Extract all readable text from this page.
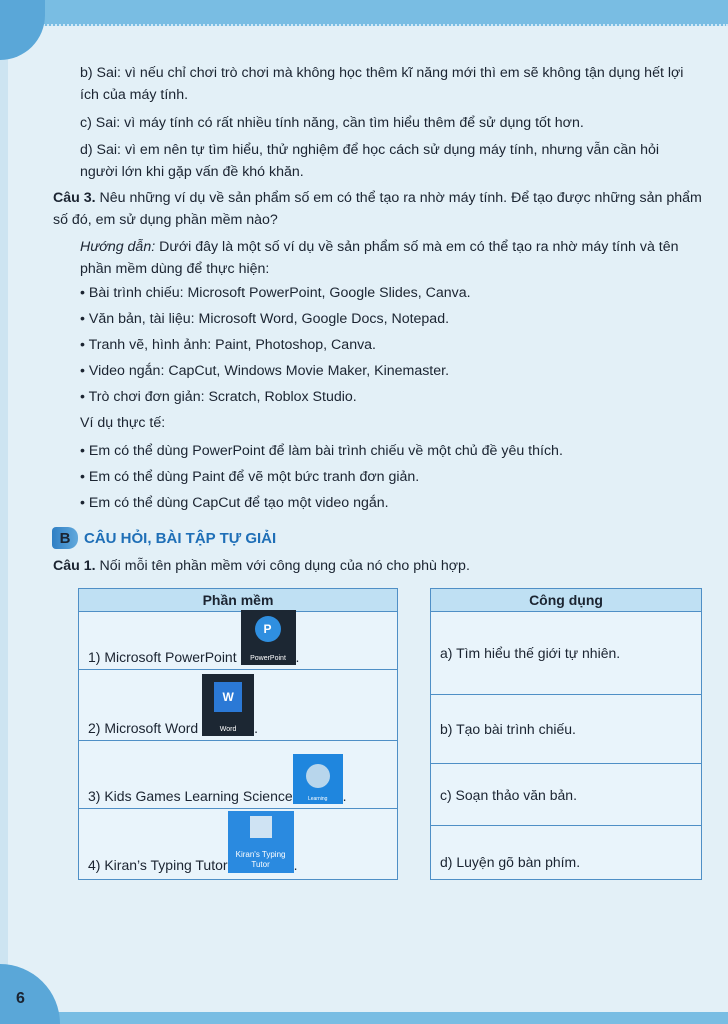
6

b) Sai: vì nếu chỉ chơi trò chơi mà không học thêm kĩ năng mới thì em sẽ không tận dụng hết lợi ích của máy tính.

c) Sai: vì máy tính có rất nhiều tính năng, cần tìm hiểu thêm để sử dụng tốt hơn.

d) Sai: vì em nên tự tìm hiểu, thử nghiệm để học cách sử dụng máy tính, nhưng vẫn cần hỏi người lớn khi gặp vấn đề khó khăn.

Câu 3. Nêu những ví dụ về sản phẩm số em có thể tạo ra nhờ máy tính. Để tạo được những sản phẩm số đó, em sử dụng phần mềm nào?

Hướng dẫn: Dưới đây là một số ví dụ về sản phẩm số mà em có thể tạo ra nhờ máy tính và tên phần mềm dùng để thực hiện:

• Bài trình chiếu: Microsoft PowerPoint, Google Slides, Canva.

• Văn bản, tài liệu: Microsoft Word, Google Docs, Notepad.

• Tranh vẽ, hình ảnh: Paint, Photoshop, Canva.

• Video ngắn: CapCut, Windows Movie Maker, Kinemaster.

• Trò chơi đơn giản: Scratch, Roblox Studio.

Ví dụ thực tế:

• Em có thể dùng PowerPoint để làm bài trình chiếu về một chủ đề yêu thích.

• Em có thể dùng Paint để vẽ một bức tranh đơn giản.

• Em có thể dùng CapCut để tạo một video ngắn.

B CÂU HỎI, BÀI TẬP TỰ GIẢI

Câu 1. Nối mỗi tên phần mềm với công dụng của nó cho phù hợp.

Phần mềm
1) Microsoft PowerPoint
P
PowerPoint .
2) Microsoft Word
W
Word	.
3) Kids Games Learning Science	Learning	.
4) Kiran’s Typing Tutor
Kiran's Typing Tutor	.
Công dụng
a) Tìm hiểu thế giới tự nhiên.
b) Tạo bài trình chiếu.
c) Soạn thảo văn bản.
d) Luyện gõ bàn phím.
